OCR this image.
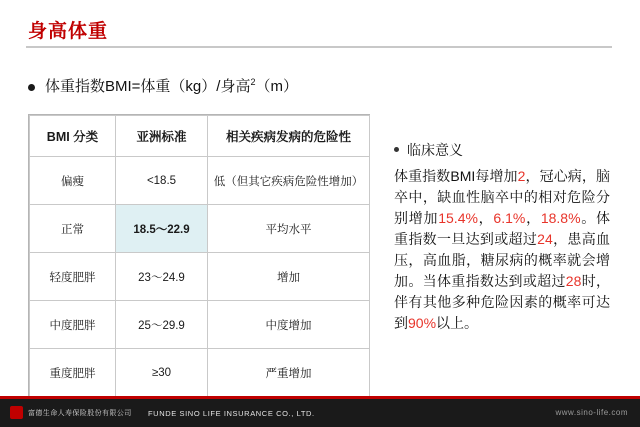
身高体重
体重指数BMI=体重（kg）/身高$^2$（m）
BMI 分类	亚洲标准	相关疾病发病的危险性
偏瘦	<18.5	低（但其它疾病危险性增加）
正常	18.5～22.9	平均水平
轻度肥胖	23～24.9	增加
中度肥胖	25～29.9	中度增加
重度肥胖	≥30	严重增加
临床意义
体重指数BMI每增加2，冠心病，脑卒中，缺血性脑卒中的相对危险分别增加15.4%，6.1%，18.8%。体重指数一旦达到或超过24，患高血压，高血脂，糖尿病的概率就会增加。当体重指数达到或超过28时，伴有其他多种危险因素的概率可达到90%以上。
富德生命人寿保险股份有限公司 FUNDE SINO LIFE INSURANCE CO., LTD.	www.sino-life.com
